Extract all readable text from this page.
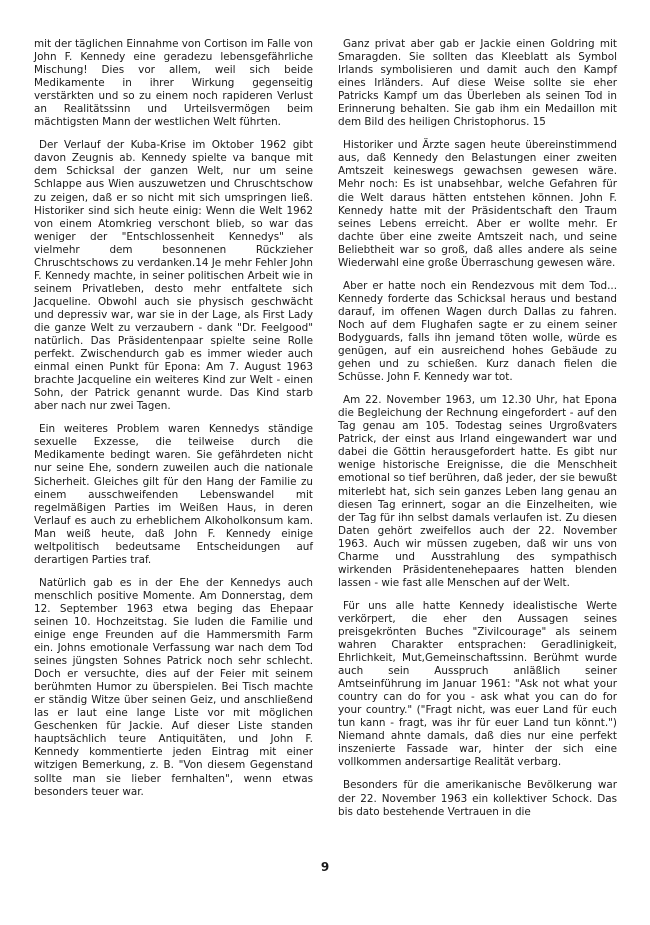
mit der täglichen Einnahme von Cortison im Falle von John F. Kennedy eine geradezu lebensgefährliche Mischung! Dies vor allem, weil sich beide Medikamente in ihrer Wirkung gegenseitig verstärkten und so zu einem noch rapideren Verlust an Realitätssinn und Urteilsvermögen beim mächtigsten Mann der westlichen Welt führten.

Der Verlauf der Kuba-Krise im Oktober 1962 gibt davon Zeugnis ab. Kennedy spielte va banque mit dem Schicksal der ganzen Welt, nur um seine Schlappe aus Wien auszuwetzen und Chruschtschow zu zeigen, daß er so nicht mit sich umspringen ließ. Historiker sind sich heute einig: Wenn die Welt 1962 von einem Atomkrieg verschont blieb, so war das weniger der "Entschlossenheit Kennedys" als vielmehr dem besonnenen Rückzieher Chruschtschows zu verdanken.14 Je mehr Fehler John F. Kennedy machte, in seiner politischen Arbeit wie in seinem Privatleben, desto mehr entfaltete sich Jacqueline. Obwohl auch sie physisch geschwächt und depressiv war, war sie in der Lage, als First Lady die ganze Welt zu verzaubern - dank "Dr. Feelgood" natürlich. Das Präsidentenpaar spielte seine Rolle perfekt. Zwischendurch gab es immer wieder auch einmal einen Punkt für Epona: Am 7. August 1963 brachte Jacqueline ein weiteres Kind zur Welt - einen Sohn, der Patrick genannt wurde. Das Kind starb aber nach nur zwei Tagen.

Ein weiteres Problem waren Kennedys ständige sexuelle Exzesse, die teilweise durch die Medikamente bedingt waren. Sie gefährdeten nicht nur seine Ehe, sondern zuweilen auch die nationale Sicherheit. Gleiches gilt für den Hang der Familie zu einem ausschweifenden Lebenswandel mit regelmäßigen Parties im Weißen Haus, in deren Verlauf es auch zu erheblichem Alkoholkonsum kam. Man weiß heute, daß John F. Kennedy einige weltpolitisch bedeutsame Entscheidungen auf derartigen Parties traf.

Natürlich gab es in der Ehe der Kennedys auch menschlich positive Momente. Am Donnerstag, dem 12. September 1963 etwa beging das Ehepaar seinen 10. Hochzeitstag. Sie luden die Familie und einige enge Freunden auf die Hammersmith Farm ein. Johns emotionale Verfassung war nach dem Tod seines jüngsten Sohnes Patrick noch sehr schlecht. Doch er versuchte, dies auf der Feier mit seinem berühmten Humor zu überspielen. Bei Tisch machte er ständig Witze über seinen Geiz, und anschließend las er laut eine lange Liste vor mit möglichen Geschenken für Jackie. Auf dieser Liste standen hauptsächlich teure Antiquitäten, und John F. Kennedy kommentierte jeden Eintrag mit einer witzigen Bemerkung, z. B. "Von diesem Gegenstand sollte man sie lieber fernhalten", wenn etwas besonders teuer war.

Ganz privat aber gab er Jackie einen Goldring mit Smaragden. Sie sollten das Kleeblatt als Symbol Irlands symbolisieren und damit auch den Kampf eines Irländers. Auf diese Weise sollte sie eher Patricks Kampf um das Überleben als seinen Tod in Erinnerung behalten. Sie gab ihm ein Medaillon mit dem Bild des heiligen Christophorus. 15

Historiker und Ärzte sagen heute übereinstimmend aus, daß Kennedy den Belastungen einer zweiten Amtszeit keineswegs gewachsen gewesen wäre. Mehr noch: Es ist unabsehbar, welche Gefahren für die Welt daraus hätten entstehen können. John F. Kennedy hatte mit der Präsidentschaft den Traum seines Lebens erreicht. Aber er wollte mehr. Er dachte über eine zweite Amtszeit nach, und seine Beliebtheit war so groß, daß alles andere als seine Wiederwahl eine große Überraschung gewesen wäre.

Aber er hatte noch ein Rendezvous mit dem Tod... Kennedy forderte das Schicksal heraus und bestand darauf, im offenen Wagen durch Dallas zu fahren. Noch auf dem Flughafen sagte er zu einem seiner Bodyguards, falls ihn jemand töten wolle, würde es genügen, auf ein ausreichend hohes Gebäude zu gehen und zu schießen. Kurz danach fielen die Schüsse. John F. Kennedy war tot.

Am 22. November 1963, um 12.30 Uhr, hat Epona die Begleichung der Rechnung eingefordert - auf den Tag genau am 105. Todestag seines Urgroßvaters Patrick, der einst aus Irland eingewandert war und dabei die Göttin herausgefordert hatte. Es gibt nur wenige historische Ereignisse, die die Menschheit emotional so tief berühren, daß jeder, der sie bewußt miterlebt hat, sich sein ganzes Leben lang genau an diesen Tag erinnert, sogar an die Einzelheiten, wie der Tag für ihn selbst damals verlaufen ist. Zu diesen Daten gehört zweifellos auch der 22. November 1963. Auch wir müssen zugeben, daß wir uns von Charme und Ausstrahlung des sympathisch wirkenden Präsidentenehepaares hatten blenden lassen - wie fast alle Menschen auf der Welt.

Für uns alle hatte Kennedy idealistische Werte verkörpert, die eher den Aussagen seines preisgekrönten Buches "Zivilcourage" als seinem wahren Charakter entsprachen: Geradlinigkeit, Ehrlichkeit, Mut,Gemeinschaftssinn. Berühmt wurde auch sein Ausspruch anläßlich seiner Amtseinführung im Januar 1961: "Ask not what your country can do for you - ask what you can do for your country." ("Fragt nicht, was euer Land für euch tun kann - fragt, was ihr für euer Land tun könnt.") Niemand ahnte damals, daß dies nur eine perfekt inszenierte Fassade war, hinter der sich eine vollkommen andersartige Realität verbarg.

Besonders für die amerikanische Bevölkerung war der 22. November 1963 ein kollektiver Schock. Das bis dato bestehende Vertrauen in die

9
